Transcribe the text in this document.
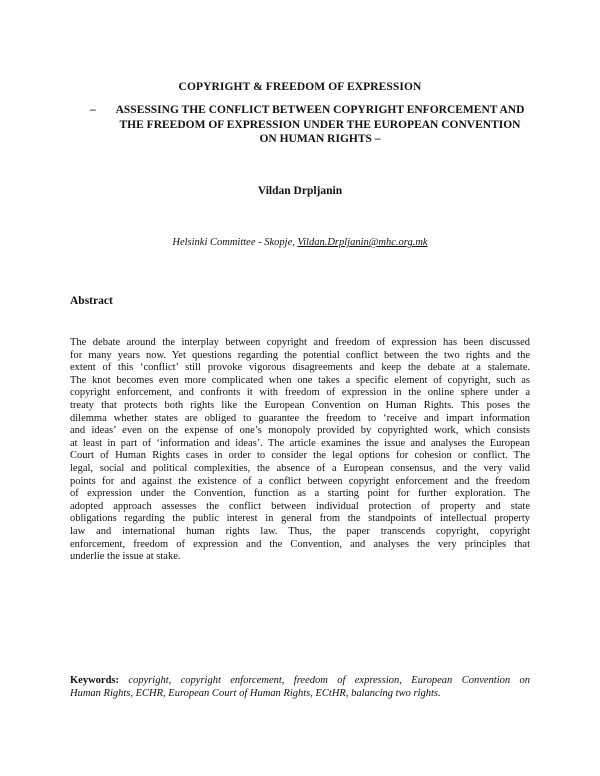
COPYRIGHT & FREEDOM OF EXPRESSION
–	ASSESSING THE CONFLICT BETWEEN COPYRIGHT ENFORCEMENT AND
THE FREEDOM OF EXPRESSION UNDER THE EUROPEAN CONVENTION
ON HUMAN RIGHTS –
Vildan Drpljanin
Helsinki Committee - Skopje, Vildan.Drpljanin@mhc.org.mk
Abstract
The debate around the interplay between copyright and freedom of expression has been discussed
for many years now. Yet questions regarding the potential conflict between the two rights and the
extent of this ‘conflict’ still provoke vigorous disagreements and keep the debate at a stalemate.
The knot becomes even more complicated when one takes a specific element of copyright, such as
copyright enforcement, and confronts it with freedom of expression in the online sphere under a
treaty that protects both rights like the European Convention on Human Rights. This poses the
dilemma whether states are obliged to guarantee the freedom to ‘receive and impart information
and ideas’ even on the expense of one’s monopoly provided by copyrighted work, which consists
at least in part of ‘information and ideas’. The article examines the issue and analyses the European
Court of Human Rights cases in order to consider the legal options for cohesion or conflict. The
legal, social and political complexities, the absence of a European consensus, and the very valid
points for and against the existence of a conflict between copyright enforcement and the freedom
of expression under the Convention, function as a starting point for further exploration. The
adopted approach assesses the conflict between individual protection of property and state
obligations regarding the public interest in general from the standpoints of intellectual property
law and international human rights law. Thus, the paper transcends copyright, copyright
enforcement, freedom of expression and the Convention, and analyses the very principles that
underlie the issue at stake.
Keywords: copyright, copyright enforcement, freedom of expression, European Convention on
Human Rights, ECHR, European Court of Human Rights, ECtHR, balancing two rights.
